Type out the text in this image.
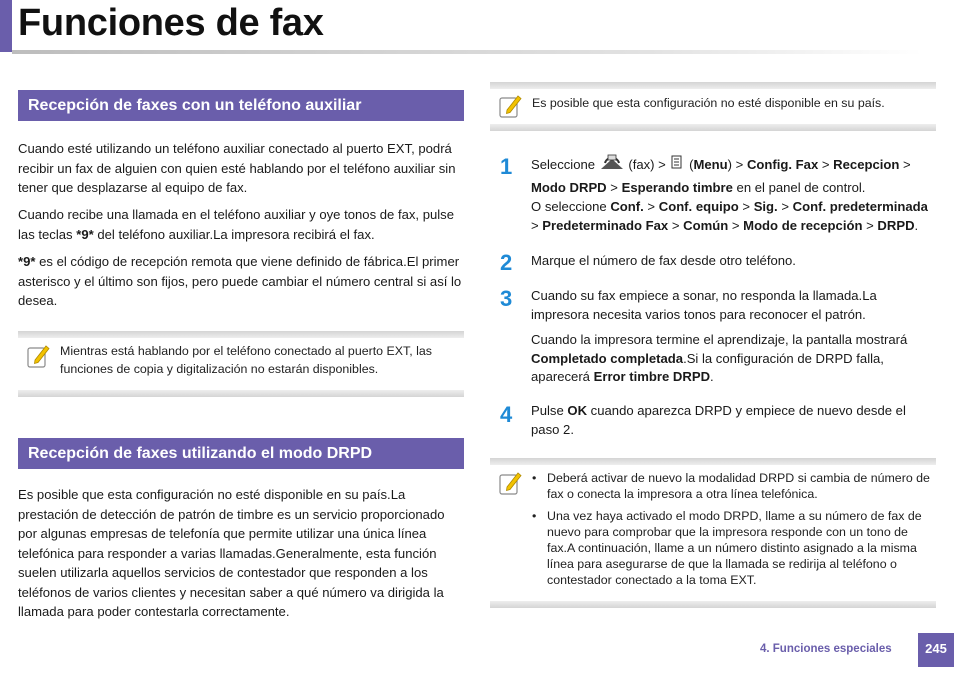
Funciones de fax
Recepción de faxes con un teléfono auxiliar
Cuando esté utilizando un teléfono auxiliar conectado al puerto EXT, podrá recibir un fax de alguien con quien esté hablando por el teléfono auxiliar sin tener que desplazarse al equipo de fax.
Cuando recibe una llamada en el teléfono auxiliar y oye tonos de fax, pulse las teclas *9* del teléfono auxiliar.La impresora recibirá el fax.
*9* es el código de recepción remota que viene definido de fábrica.El primer asterisco y el último son fijos, pero puede cambiar el número central si así lo desea.
Mientras está hablando por el teléfono conectado al puerto EXT, las funciones de copia y digitalización no estarán disponibles.
Recepción de faxes utilizando el modo DRPD
Es posible que esta configuración no esté disponible en su país.La prestación de detección de patrón de timbre es un servicio proporcionado por algunas empresas de telefonía que permite utilizar una única línea telefónica para responder a varias llamadas.Generalmente, esta función suelen utilizarla aquellos servicios de contestador que responden a los teléfonos de varios clientes y necesitan saber a qué número va dirigida la llamada para poder contestarla correctamente.
Es posible que esta configuración no esté disponible en su país.
1 Seleccione  (fax) >  (Menu) > Config. Fax > Recepcion > Modo DRPD > Esperando timbre en el panel de control.
O seleccione Conf. > Conf. equipo > Sig. > Conf. predeterminada > Predeterminado Fax > Común > Modo de recepción > DRPD.
2 Marque el número de fax desde otro teléfono.
3 Cuando su fax empiece a sonar, no responda la llamada.La impresora necesita varios tonos para reconocer el patrón.
Cuando la impresora termine el aprendizaje, la pantalla mostrará Completado completada.Si la configuración de DRPD falla, aparecerá Error timbre DRPD.
4 Pulse OK cuando aparezca DRPD y empiece de nuevo desde el paso 2.
• Deberá activar de nuevo la modalidad DRPD si cambia de número de fax o conecta la impresora a otra línea telefónica.
• Una vez haya activado el modo DRPD, llame a su número de fax de nuevo para comprobar que la impresora responde con un tono de fax.A continuación, llame a un número distinto asignado a la misma línea para asegurarse de que la llamada se redirija al teléfono o contestador conectado a la toma EXT.
4. Funciones especiales	245
